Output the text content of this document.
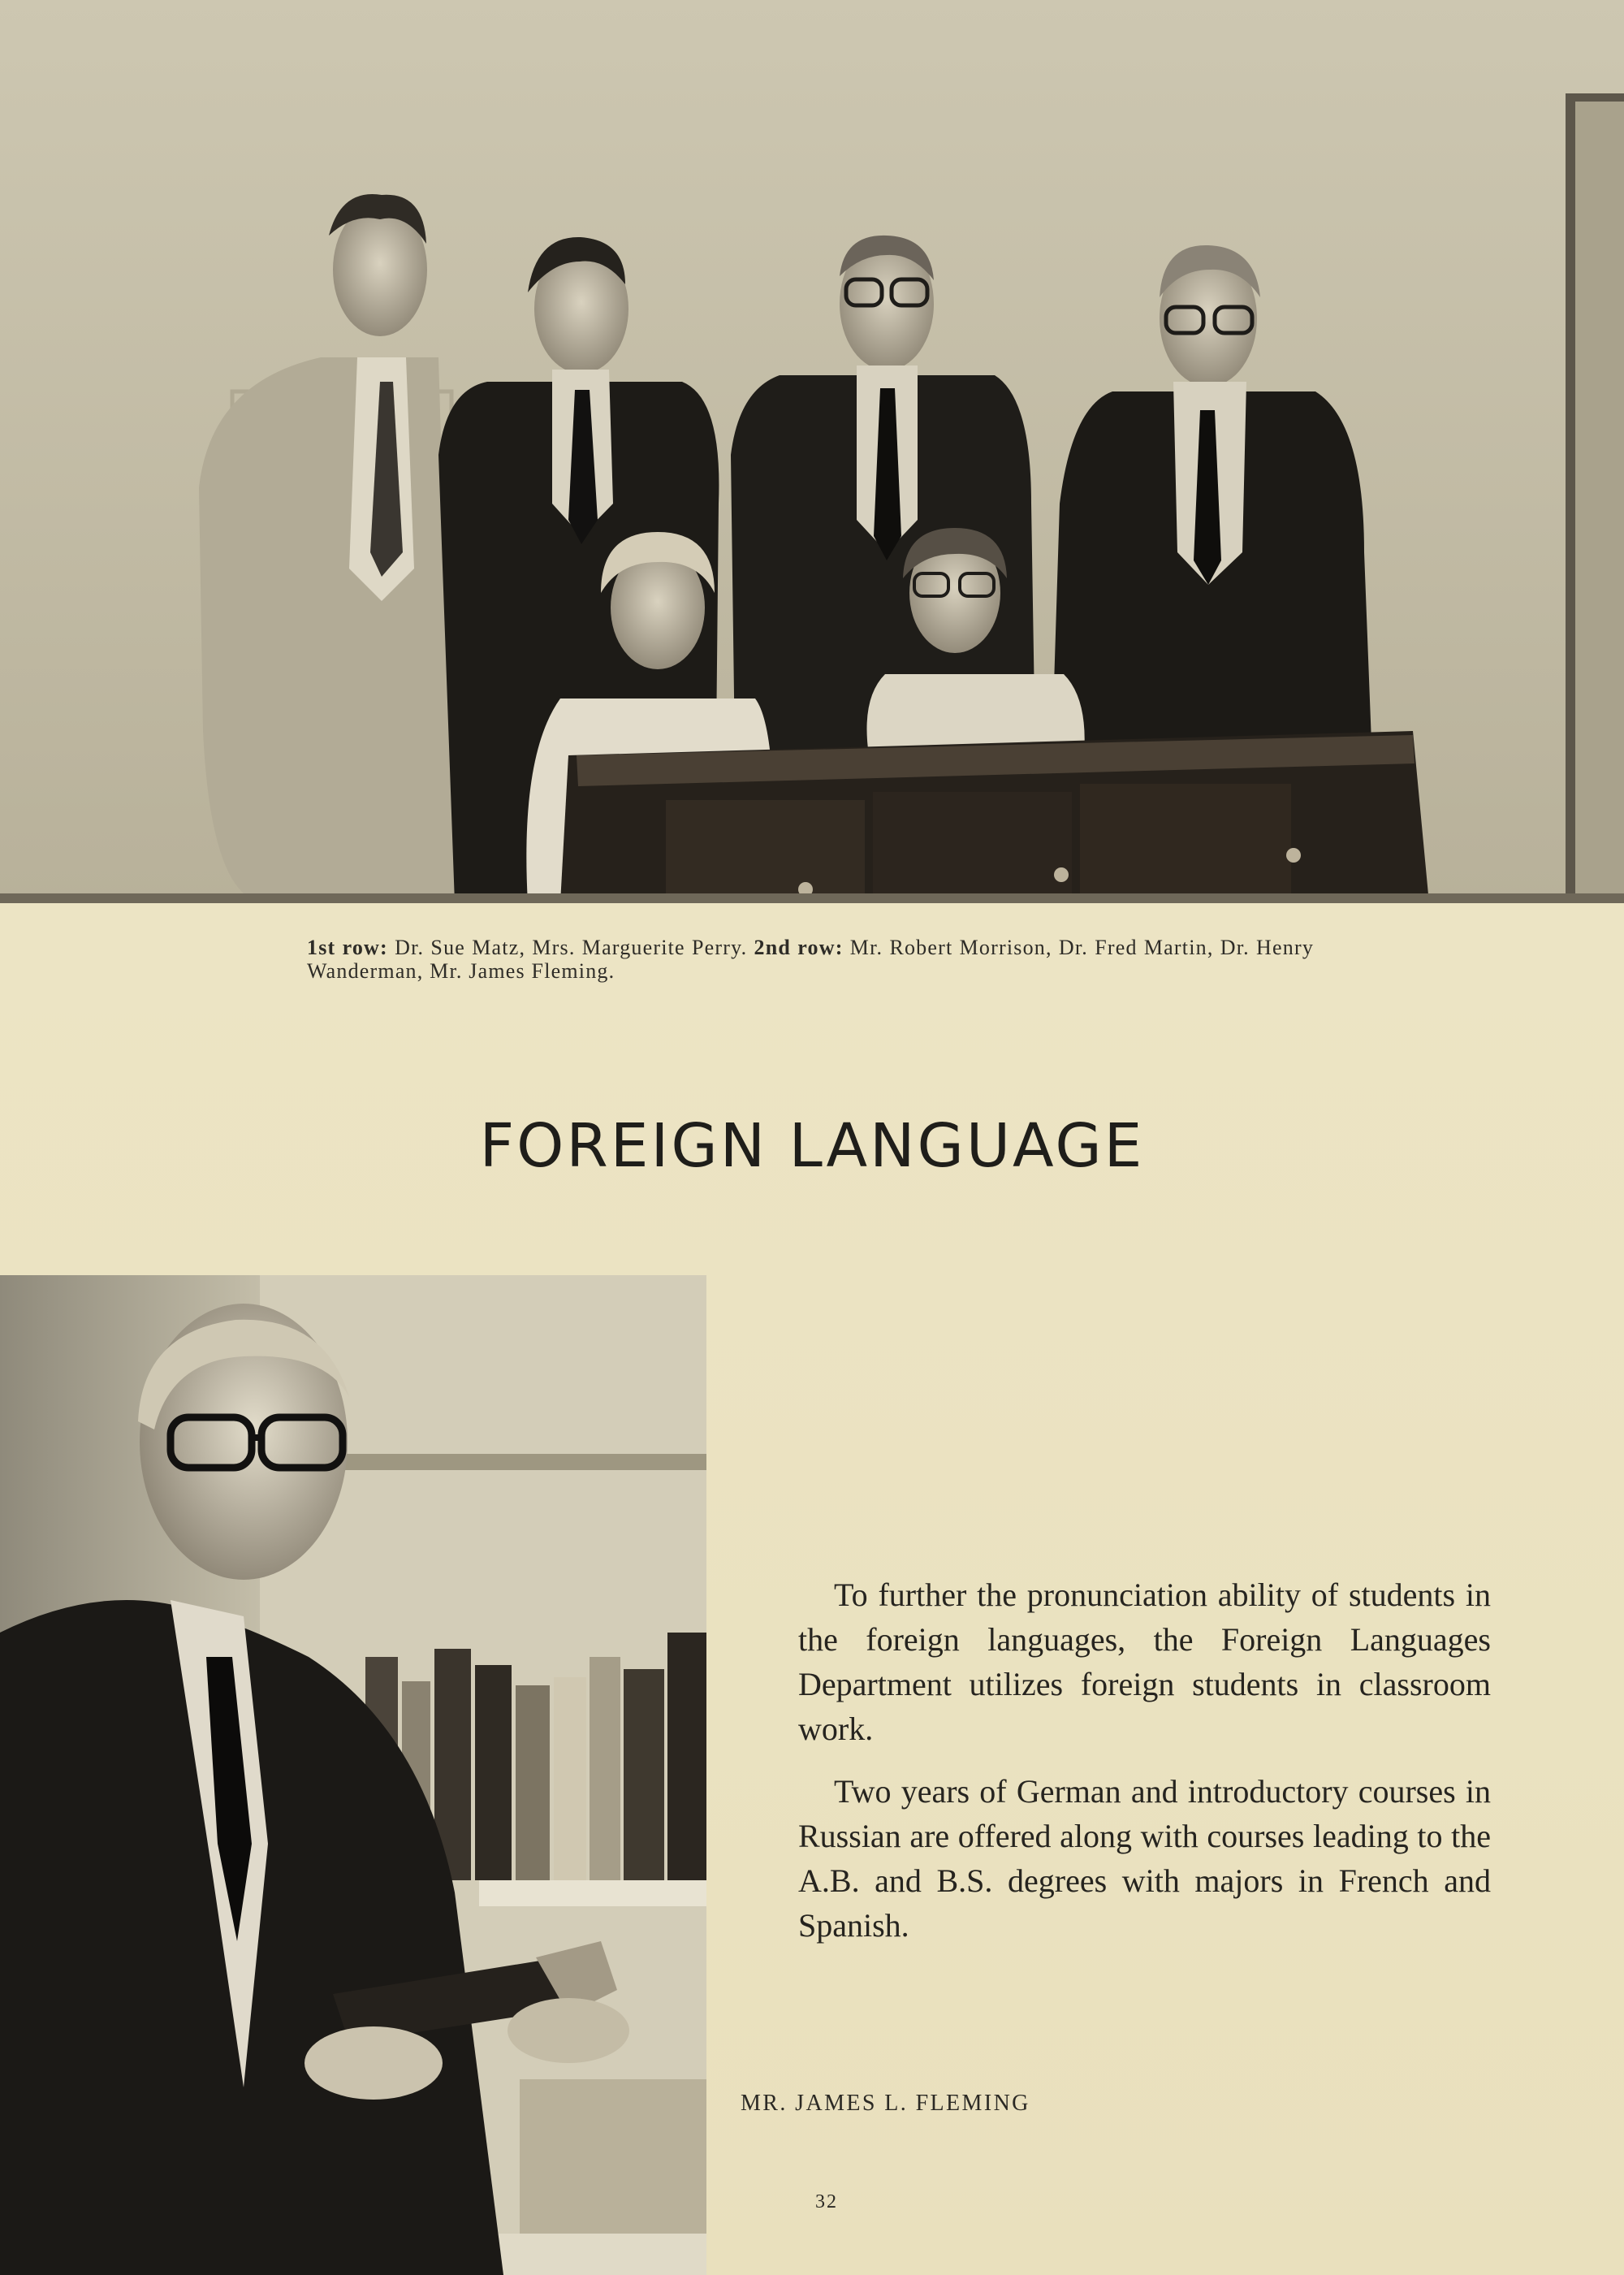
1st row: Dr. Sue Matz, Mrs. Marguerite Perry. 2nd row: Mr. Robert Morrison, Dr. Fred Martin, Dr. Henry Wanderman, Mr. James Fleming.

FOREIGN LANGUAGE

To further the pronunciation ability of students in the foreign languages, the Foreign Languages Department utilizes foreign students in classroom work.

Two years of German and introductory courses in Russian are offered along with courses leading to the A.B. and B.S. degrees with majors in French and Spanish.

MR. JAMES L. FLEMING
32
